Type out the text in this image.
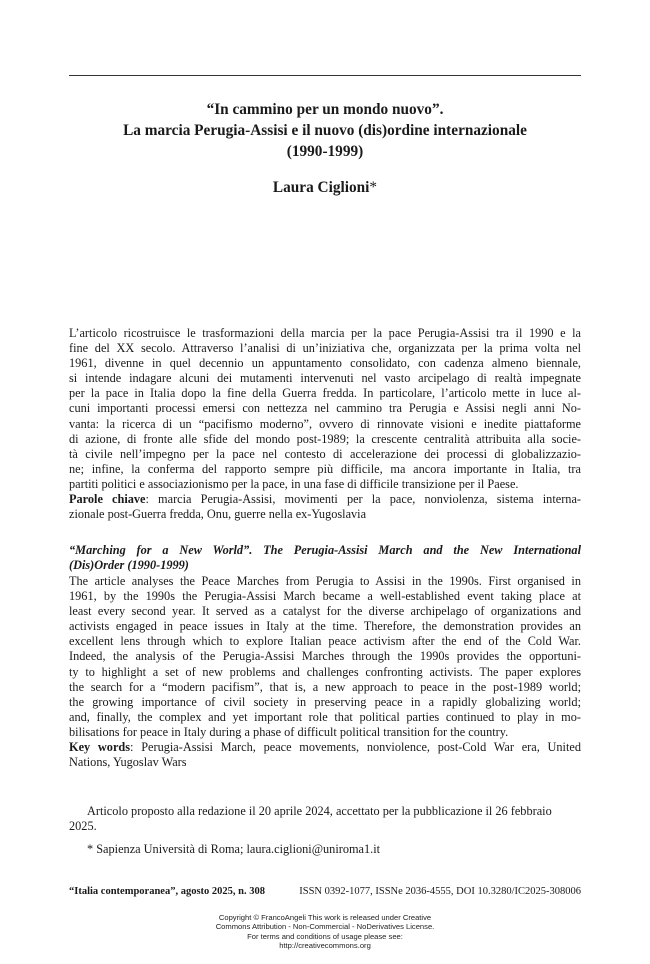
“In cammino per un mondo nuovo”.
La marcia Perugia-Assisi e il nuovo (dis)ordine internazionale
(1990-1999)
Laura Ciglioni*
L’articolo ricostruisce le trasformazioni della marcia per la pace Perugia-Assisi tra il 1990 e la
fine del XX secolo. Attraverso l’analisi di un’iniziativa che, organizzata per la prima volta nel
1961, divenne in quel decennio un appuntamento consolidato, con cadenza almeno biennale,
si intende indagare alcuni dei mutamenti intervenuti nel vasto arcipelago di realtà impegnate
per la pace in Italia dopo la fine della Guerra fredda. In particolare, l’articolo mette in luce al-
cuni importanti processi emersi con nettezza nel cammino tra Perugia e Assisi negli anni No-
vanta: la ricerca di un “pacifismo moderno”, ovvero di rinnovate visioni e inedite piattaforme
di azione, di fronte alle sfide del mondo post-1989; la crescente centralità attribuita alla socie-
tà civile nell’impegno per la pace nel contesto di accelerazione dei processi di globalizzazio-
ne; infine, la conferma del rapporto sempre più difficile, ma ancora importante in Italia, tra
partiti politici e associazionismo per la pace, in una fase di difficile transizione per il Paese.
Parole chiave: marcia Perugia-Assisi, movimenti per la pace, nonviolenza, sistema interna-
zionale post-Guerra fredda, Onu, guerre nella ex-Yugoslavia
“Marching for a New World”. The Perugia-Assisi March and the New International
(Dis)Order (1990-1999)
The article analyses the Peace Marches from Perugia to Assisi in the 1990s. First organised in
1961, by the 1990s the Perugia-Assisi March became a well-established event taking place at
least every second year. It served as a catalyst for the diverse archipelago of organizations and
activists engaged in peace issues in Italy at the time. Therefore, the demonstration provides an
excellent lens through which to explore Italian peace activism after the end of the Cold War.
Indeed, the analysis of the Perugia-Assisi Marches through the 1990s provides the opportuni-
ty to highlight a set of new problems and challenges confronting activists. The paper explores
the search for a “modern pacifism”, that is, a new approach to peace in the post-1989 world;
the growing importance of civil society in preserving peace in a rapidly globalizing world;
and, finally, the complex and yet important role that political parties continued to play in mo-
bilisations for peace in Italy during a phase of difficult political transition for the country.
Key words: Perugia-Assisi March, peace movements, nonviolence, post-Cold War era, United
Nations, Yugoslav Wars
Articolo proposto alla redazione il 20 aprile 2024, accettato per la pubblicazione il 26 febbraio
2025.
* Sapienza Università di Roma; laura.ciglioni@uniroma1.it
“Italia contemporanea”, agosto 2025, n. 308	ISSN 0392-1077, ISSNe 2036-4555, DOI 10.3280/IC2025-308006
Copyright © FrancoAngeli This work is released under Creative
Commons Attribution - Non-Commercial - NoDerivatives License.
For terms and conditions of usage please see:
http://creativecommons.org
